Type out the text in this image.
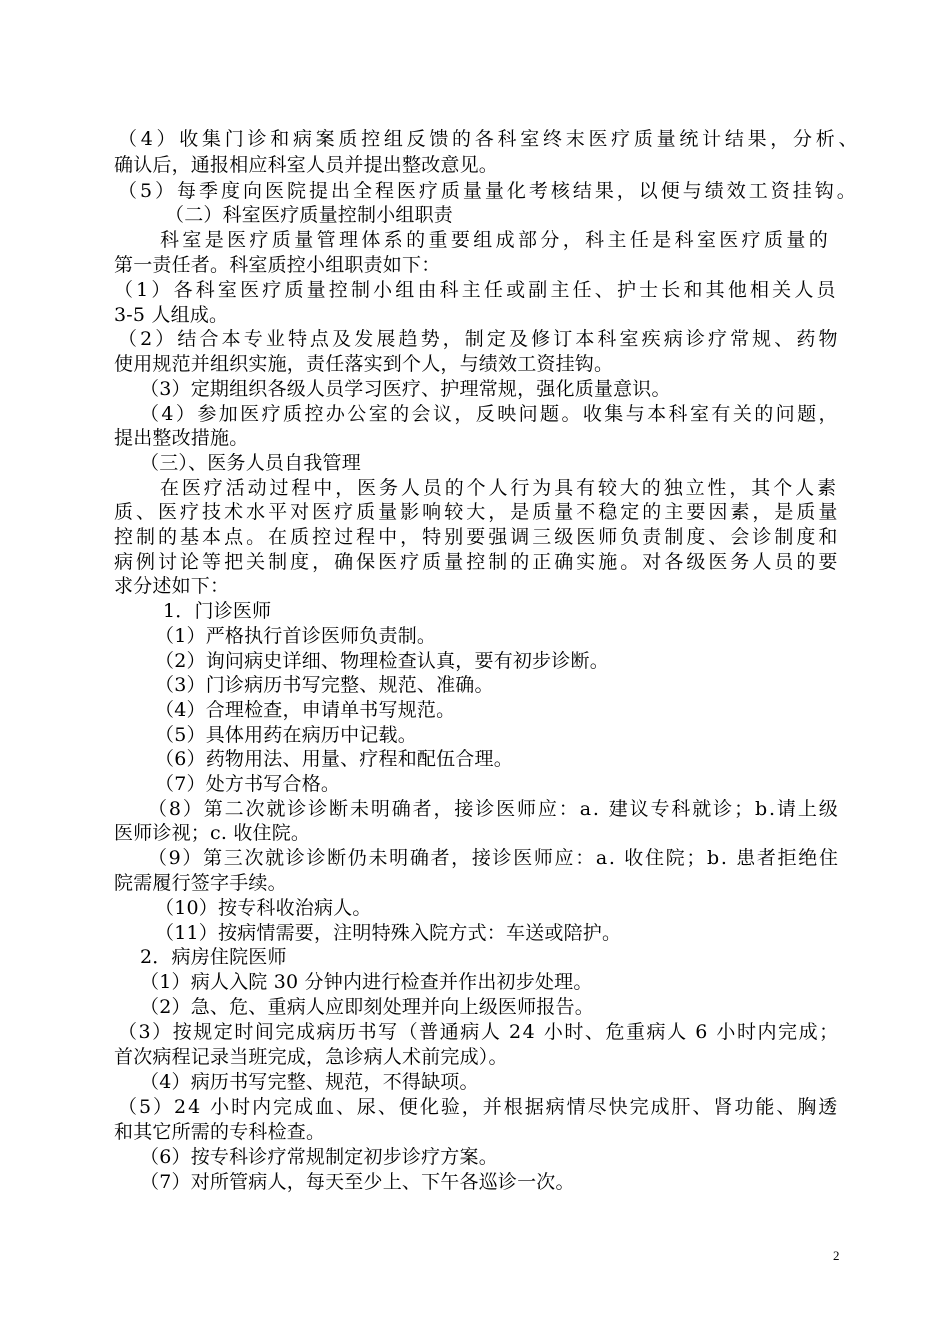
（4）收集门诊和病案质控组反馈的各科室终末医疗质量统计结果，分析、
确认后，通报相应科室人员并提出整改意见。
（5）每季度向医院提出全程医疗质量量化考核结果，以便与绩效工资挂钩。
（二）科室医疗质量控制小组职责
科室是医疗质量管理体系的重要组成部分，科主任是科室医疗质量的
第一责任者。科室质控小组职责如下：
（1）各科室医疗质量控制小组由科主任或副主任、护士长和其他相关人员
3-5 人组成。
（2）结合本专业特点及发展趋势，制定及修订本科室疾病诊疗常规、药物
使用规范并组织实施，责任落实到个人，与绩效工资挂钩。
（3）定期组织各级人员学习医疗、护理常规，强化质量意识。
（4）参加医疗质控办公室的会议，反映问题。收集与本科室有关的问题，
提出整改措施。
（三）、医务人员自我管理
在医疗活动过程中，医务人员的个人行为具有较大的独立性，其个人素
质、医疗技术水平对医疗质量影响较大，是质量不稳定的主要因素，是质量
控制的基本点。在质控过程中，特别要强调三级医师负责制度、会诊制度和
病例讨论等把关制度，确保医疗质量控制的正确实施。对各级医务人员的要
求分述如下：
1．门诊医师
（1）严格执行首诊医师负责制。
（2）询问病史详细、物理检查认真，要有初步诊断。
（3）门诊病历书写完整、规范、准确。
（4）合理检查，申请单书写规范。
（5）具体用药在病历中记载。
（6）药物用法、用量、疗程和配伍合理。
（7）处方书写合格。
（8）第二次就诊诊断未明确者，接诊医师应：a. 建议专科就诊；b.请上级
医师诊视；c. 收住院。
（9）第三次就诊诊断仍未明确者，接诊医师应：a. 收住院；b. 患者拒绝住
院需履行签字手续。
（10）按专科收治病人。
（11）按病情需要，注明特殊入院方式：车送或陪护。
2．病房住院医师
（1）病人入院 30 分钟内进行检查并作出初步处理。
（2）急、危、重病人应即刻处理并向上级医师报告。
（3）按规定时间完成病历书写（普通病人 24 小时、危重病人 6 小时内完成；
首次病程记录当班完成，急诊病人术前完成）。
（4）病历书写完整、规范，不得缺项。
（5）24 小时内完成血、尿、便化验，并根据病情尽快完成肝、肾功能、胸透
和其它所需的专科检查。
（6）按专科诊疗常规制定初步诊疗方案。
（7）对所管病人，每天至少上、下午各巡诊一次。
2
